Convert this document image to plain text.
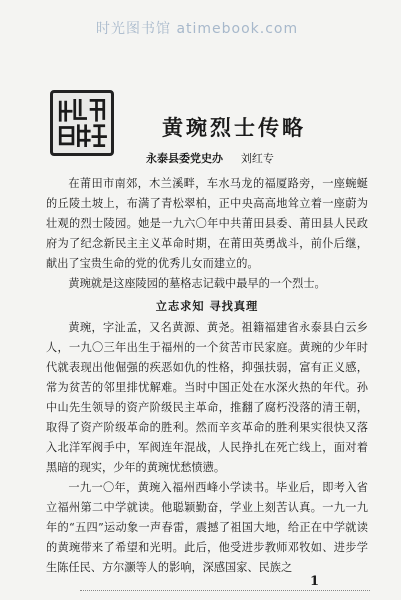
时光图书馆 atimebook.com
黄琬烈士传略
永泰县委党史办 刘红专

在莆田市南郊，木兰溪畔，车水马龙的福厦路旁，一座蜿蜒的丘陵土坡上，布满了青松翠柏，正中央高高地耸立着一座蔚为壮观的烈士陵园。她是一九六〇年中共莆田县委、莆田县人民政府为了纪念新民主主义革命时期，在莆田英勇战斗，前仆后继，献出了宝贵生命的党的优秀儿女而建立的。

黄琬就是这座陵园的墓格志记载中最早的一个烈士。

立志求知 寻找真理

黄琬，字沚孟，又名黄源、黄尧。祖籍福建省永泰县白云乡人，一九〇三年出生于福州的一个贫苦市民家庭。黄琬的少年时代就表现出他倔强的疾恶如仇的性格，抑强扶弱，富有正义感，常为贫苦的邻里排忧解难。当时中国正处在水深火热的年代。孙中山先生领导的资产阶级民主革命，推翻了腐朽没落的清王朝，取得了资产阶级革命的胜利。然而辛亥革命的胜利果实很快又落入北洋军阀手中，军阀连年混战，人民挣扎在死亡线上，面对着黑暗的现实，少年的黄琬忧愁愤懑。

一九一〇年，黄琬入福州西峰小学读书。毕业后，即考入省立福州第二中学就读。他聪颖勤奋，学业上刻苦认真。一九一九年的“五四”运动象一声春雷，震撼了祖国大地，给正在中学就读的黄琬带来了希望和光明。此后，他受进步教师邓牧如、进步学生陈任民、方尔灏等人的影响，深感国家、民族之

1
